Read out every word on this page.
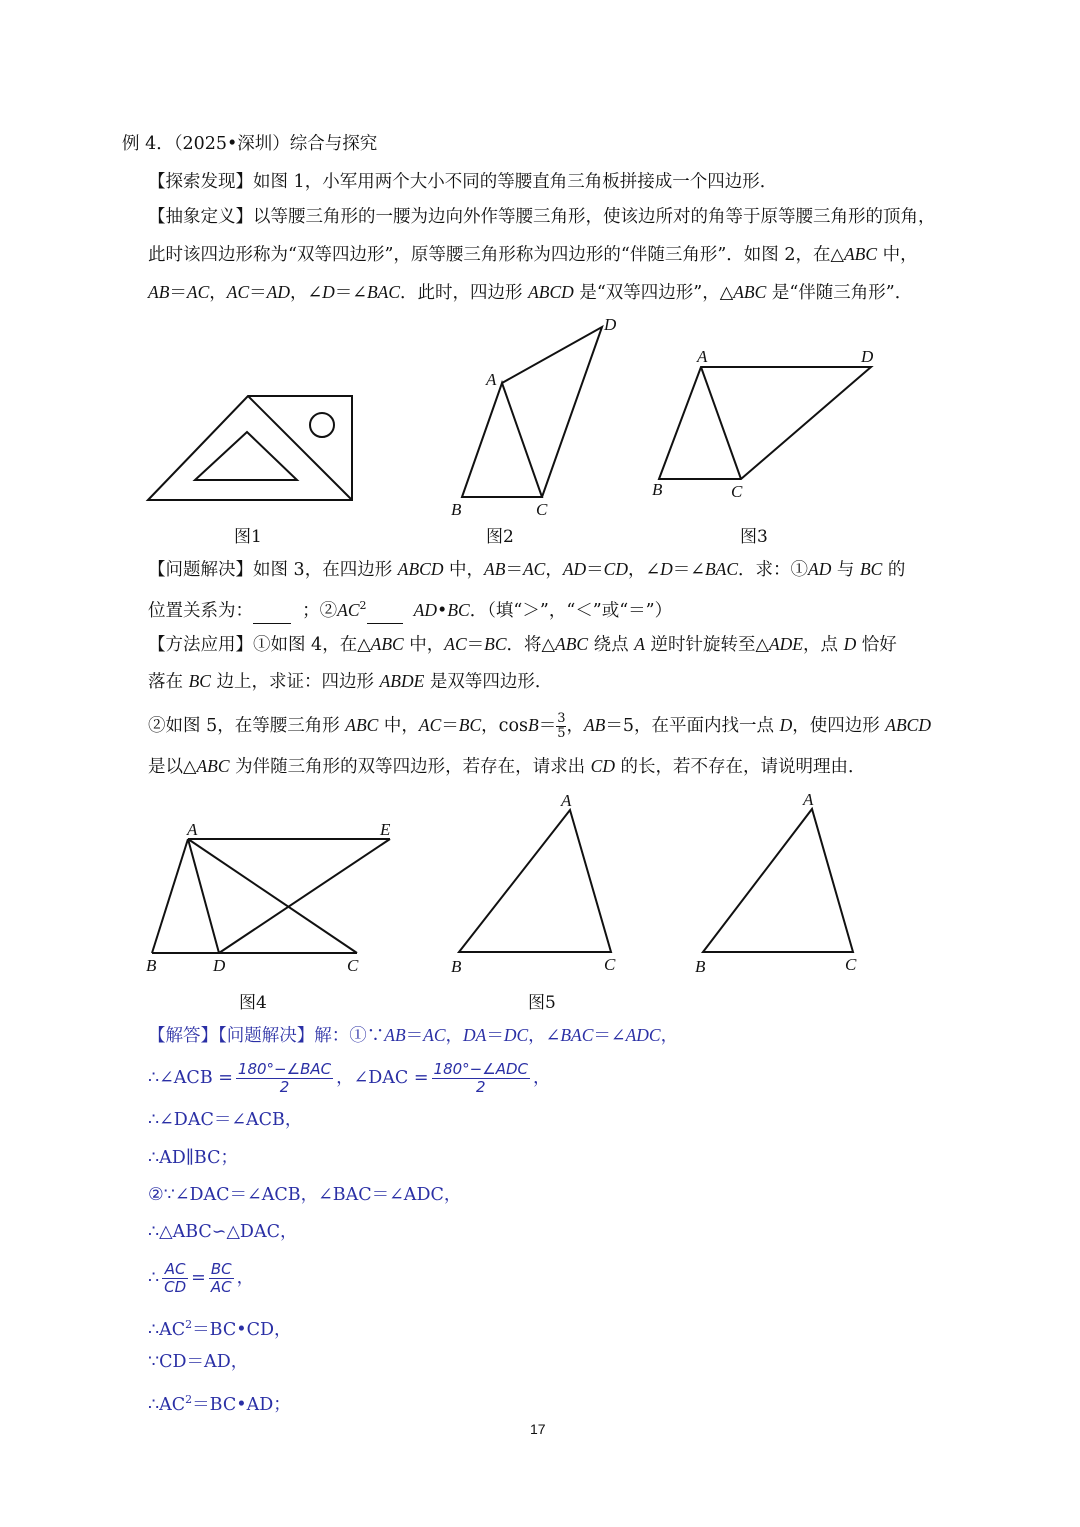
例 4．（2025•深圳）综合与探究
【探索发现】如图 1，小军用两个大小不同的等腰直角三角板拼接成一个四边形．
【抽象定义】以等腰三角形的一腰为边向外作等腰三角形，使该边所对的角等于原等腰三角形的顶角，
此时该四边形称为“双等四边形”，原等腰三角形称为四边形的“伴随三角形”．如图 2，在△ABC 中，
AB＝AC，AC＝AD，∠D＝∠BAC．此时，四边形 ABCD 是“双等四边形”，△ABC 是“伴随三角形”．
A
D
B	C
A	D
B	C
图1	图2	图3
【问题解决】如图 3，在四边形 ABCD 中，AB＝AC，AD＝CD，∠D＝∠BAC．求：①AD 与 BC 的
位置关系为：	；$②AC^2$	AD•BC．（填“＞”，“＜”或“＝”）
【方法应用】①如图 4，在△ABC 中，AC＝BC．将△ABC 绕点 A 逆时针旋转至△ADE，点 D 恰好
落在 BC 边上，求证：四边形 ABDE 是双等四边形．
②如图 5，在等腰三角形 ABC 中，AC＝BC，$\cos B= \frac{3}{5}$ ，AB＝5，在平面内找一点 D，使四边形 ABCD
是以△ABC 为伴随三角形的双等四边形，若存在，请求出 CD 的长，若不存在，请说明理由．
A	E
B	D	C
A
B	C
A
B	C
图4	图5
【解答】【问题解决】解：①∵AB＝AC，DA＝DC，∠BAC＝∠ADC，
∴∠ACB = $\frac{\text{180°−∠BAC}}{2}$ ，∠DAC = $\frac{\text{180°−∠ADC}}{2}$ ，
∴∠DAC＝∠ACB，
∴AD∥BC；
②∵∠DAC＝∠ACB，∠BAC＝∠ADC，
∴△ABC∽△DAC，
∴ $\frac{AC}{CD} = \frac{BC}{AC}$ ，
$\therefore AC^2=BC•CD$，
∵CD＝AD，
$\therefore AC^2=BC•AD$；
17
